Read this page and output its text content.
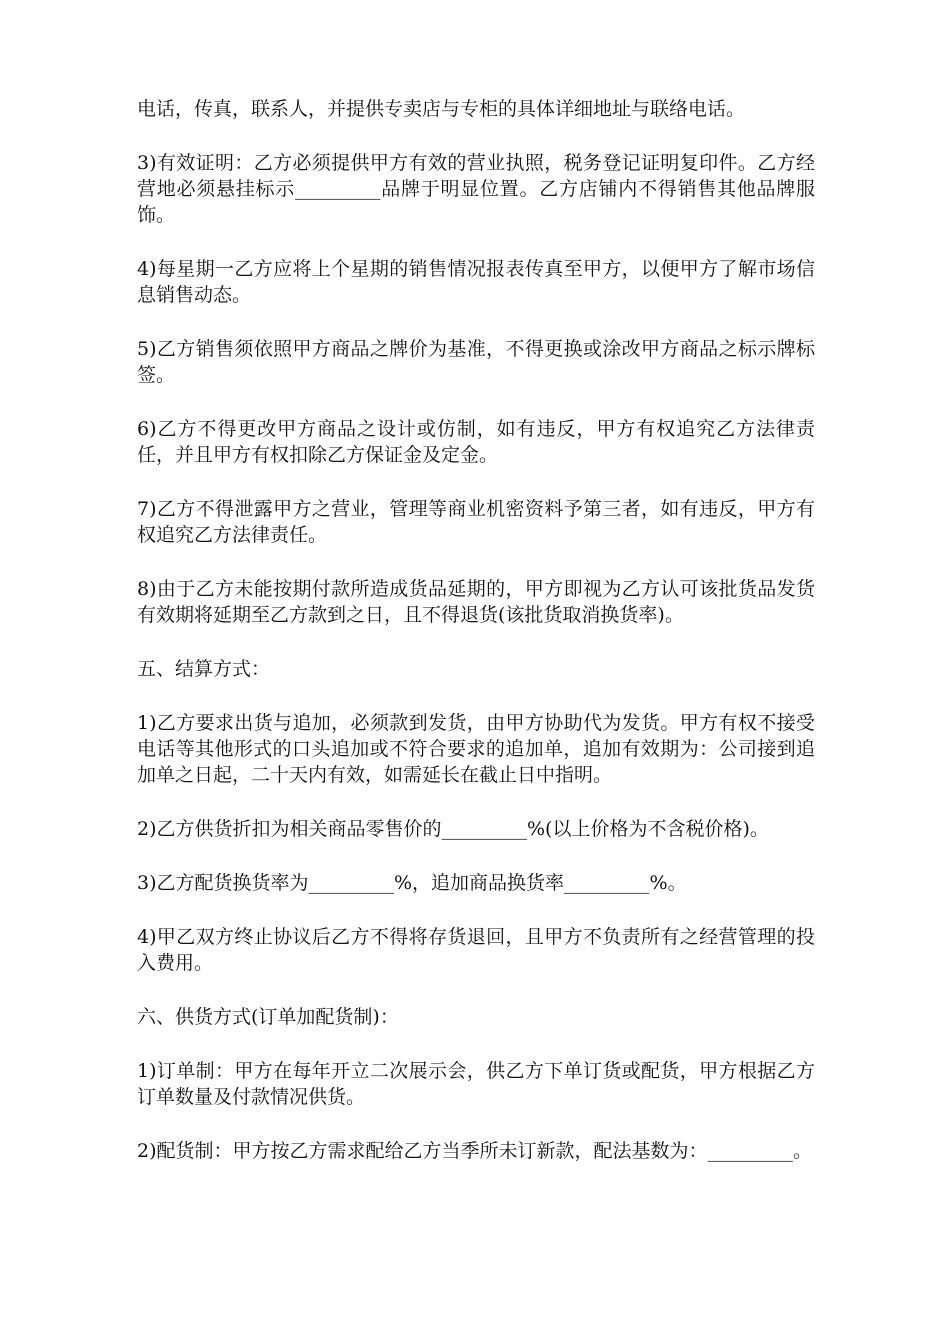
电话，传真，联系人，并提供专卖店与专柜的具体详细地址与联络电话。

3)有效证明：乙方必须提供甲方有效的营业执照，税务登记证明复印件。乙方经营地必须悬挂标示_________品牌于明显位置。乙方店铺内不得销售其他品牌服饰。

4)每星期一乙方应将上个星期的销售情况报表传真至甲方，以便甲方了解市场信息销售动态。

5)乙方销售须依照甲方商品之牌价为基准，不得更换或涂改甲方商品之标示牌标签。

6)乙方不得更改甲方商品之设计或仿制，如有违反，甲方有权追究乙方法律责任，并且甲方有权扣除乙方保证金及定金。

7)乙方不得泄露甲方之营业，管理等商业机密资料予第三者，如有违反，甲方有权追究乙方法律责任。

8)由于乙方未能按期付款所造成货品延期的，甲方即视为乙方认可该批货品发货有效期将延期至乙方款到之日，且不得退货(该批货取消换货率)。

五、结算方式：

1)乙方要求出货与追加，必须款到发货，由甲方协助代为发货。甲方有权不接受电话等其他形式的口头追加或不符合要求的追加单，追加有效期为：公司接到追加单之日起，二十天内有效，如需延长在截止日中指明。

2)乙方供货折扣为相关商品零售价的_________%(以上价格为不含税价格)。

3)乙方配货换货率为_________%，追加商品换货率_________%。

4)甲乙双方终止协议后乙方不得将存货退回，且甲方不负责所有之经营管理的投入费用。

六、供货方式(订单加配货制)：

1)订单制：甲方在每年开立二次展示会，供乙方下单订货或配货，甲方根据乙方订单数量及付款情况供货。

2)配货制：甲方按乙方需求配给乙方当季所未订新款，配法基数为：_________。
